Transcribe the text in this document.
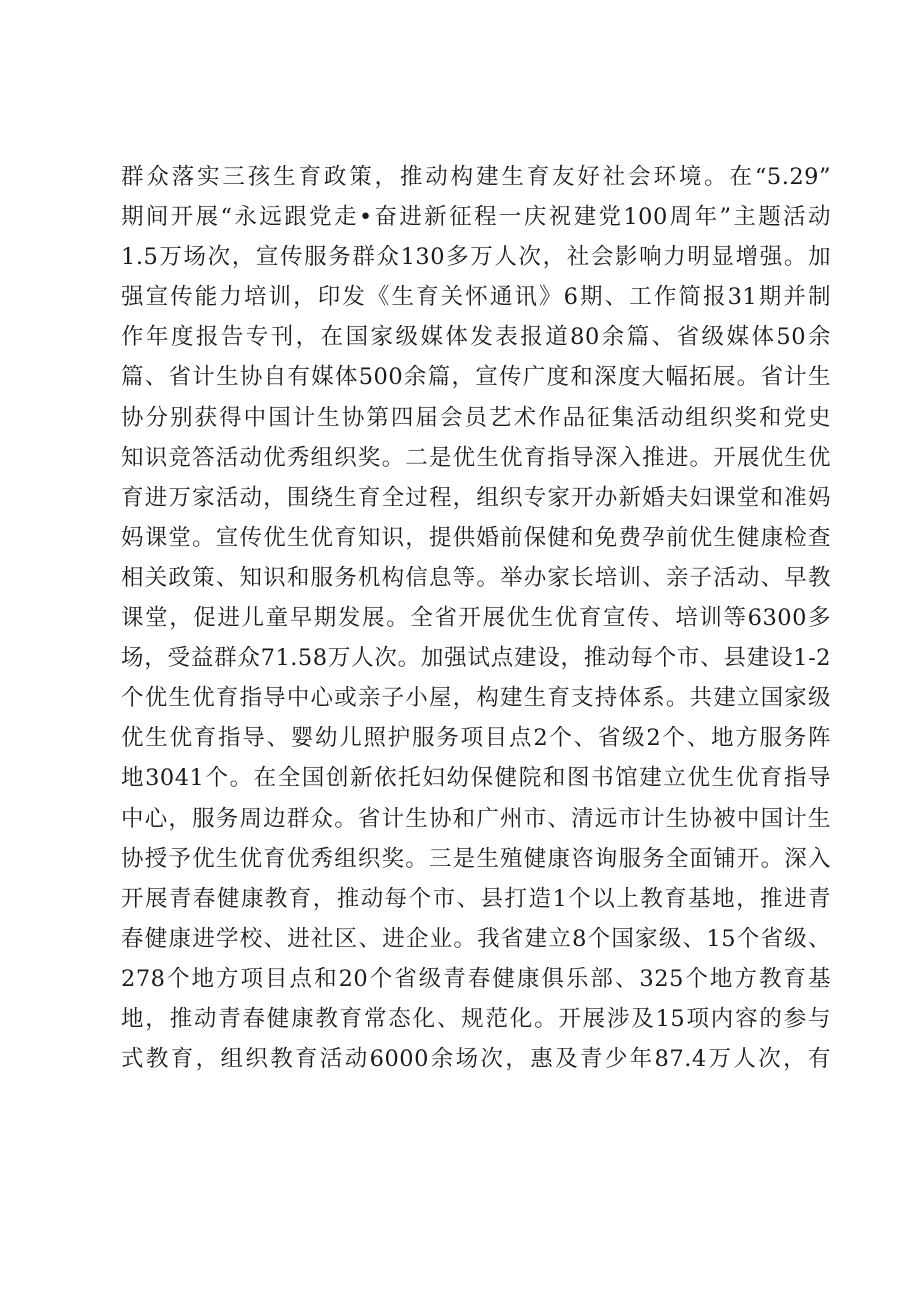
群众落实三孩生育政策，推动构建生育友好社会环境。在“5.29”
期间开展“永远跟党走•奋进新征程一庆祝建党100周年”主题活动
1.5万场次，宣传服务群众130多万人次，社会影响力明显增强。加
强宣传能力培训，印发《生育关怀通讯》6期、工作简报31期并制
作年度报告专刊，在国家级媒体发表报道80余篇、省级媒体50余
篇、省计生协自有媒体500余篇，宣传广度和深度大幅拓展。省计生
协分别获得中国计生协第四届会员艺术作品征集活动组织奖和党史
知识竞答活动优秀组织奖。二是优生优育指导深入推进。开展优生优
育进万家活动，围绕生育全过程，组织专家开办新婚夫妇课堂和准妈
妈课堂。宣传优生优育知识，提供婚前保健和免费孕前优生健康检查
相关政策、知识和服务机构信息等。举办家长培训、亲子活动、早教
课堂，促进儿童早期发展。全省开展优生优育宣传、培训等6300多
场，受益群众71.58万人次。加强试点建设，推动每个市、县建设1-2
个优生优育指导中心或亲子小屋，构建生育支持体系。共建立国家级
优生优育指导、婴幼儿照护服务项目点2个、省级2个、地方服务阵
地3041个。在全国创新依托妇幼保健院和图书馆建立优生优育指导
中心，服务周边群众。省计生协和广州市、清远市计生协被中国计生
协授予优生优育优秀组织奖。三是生殖健康咨询服务全面铺开。深入
开展青春健康教育，推动每个市、县打造1个以上教育基地，推进青
春健康进学校、进社区、进企业。我省建立8个国家级、15个省级、
278个地方项目点和20个省级青春健康俱乐部、325个地方教育基
地，推动青春健康教育常态化、规范化。开展涉及15项内容的参与
式教育，组织教育活动6000余场次，惠及青少年87.4万人次，有
